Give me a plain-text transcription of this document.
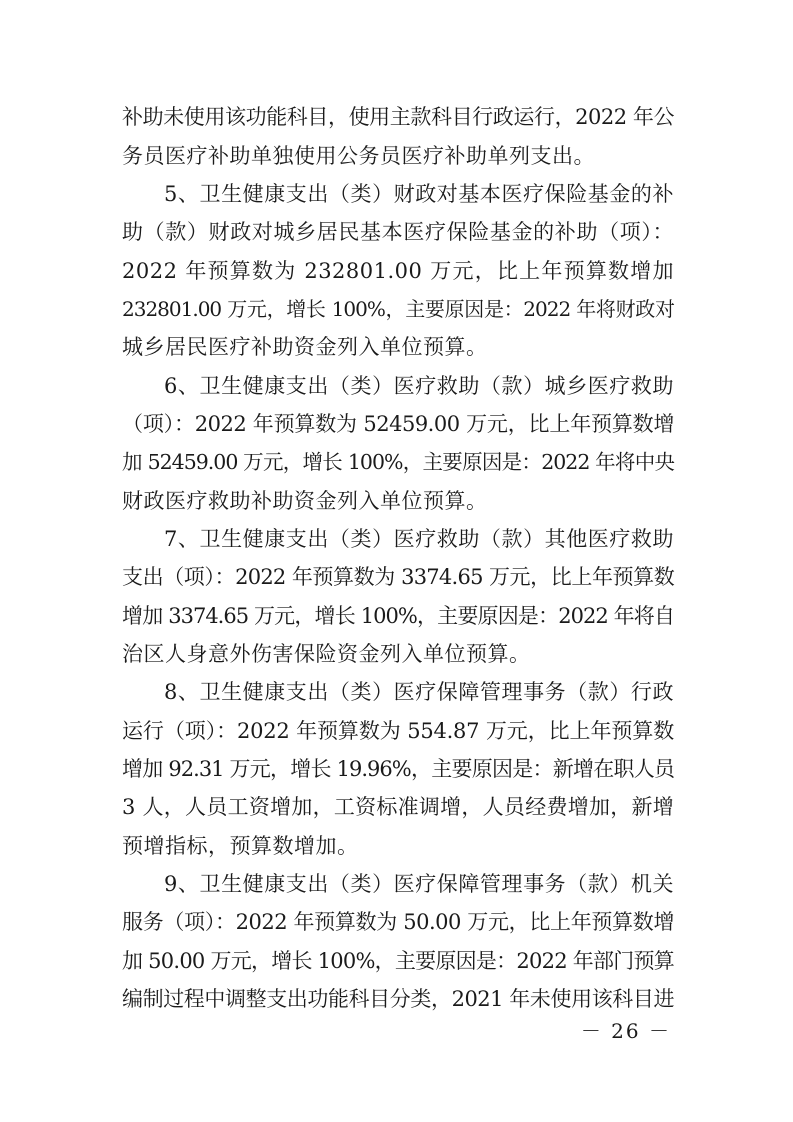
补助未使用该功能科目，使用主款科目行政运行，2022 年公
务员医疗补助单独使用公务员医疗补助单列支出。
5、卫生健康支出（类）财政对基本医疗保险基金的补
助（款）财政对城乡居民基本医疗保险基金的补助（项）：
2022 年预算数为 232801.00 万元，比上年预算数增加
232801.00 万元，增长 100%，主要原因是：2022 年将财政对
城乡居民医疗补助资金列入单位预算。
6、卫生健康支出（类）医疗救助（款）城乡医疗救助
（项）：2022 年预算数为 52459.00 万元，比上年预算数增
加 52459.00 万元，增长 100%，主要原因是：2022 年将中央
财政医疗救助补助资金列入单位预算。
7、卫生健康支出（类）医疗救助（款）其他医疗救助
支出（项）：2022 年预算数为 3374.65 万元，比上年预算数
增加 3374.65 万元，增长 100%，主要原因是：2022 年将自
治区人身意外伤害保险资金列入单位预算。
8、卫生健康支出（类）医疗保障管理事务（款）行政
运行（项）：2022 年预算数为 554.87 万元，比上年预算数
增加 92.31 万元，增长 19.96%，主要原因是：新增在职人员
3 人，人员工资增加，工资标准调增，人员经费增加，新增
预增指标，预算数增加。
9、卫生健康支出（类）医疗保障管理事务（款）机关
服务（项）：2022 年预算数为 50.00 万元，比上年预算数增
加 50.00 万元，增长 100%，主要原因是：2022 年部门预算
编制过程中调整支出功能科目分类，2021 年未使用该科目进
－ 26 －
